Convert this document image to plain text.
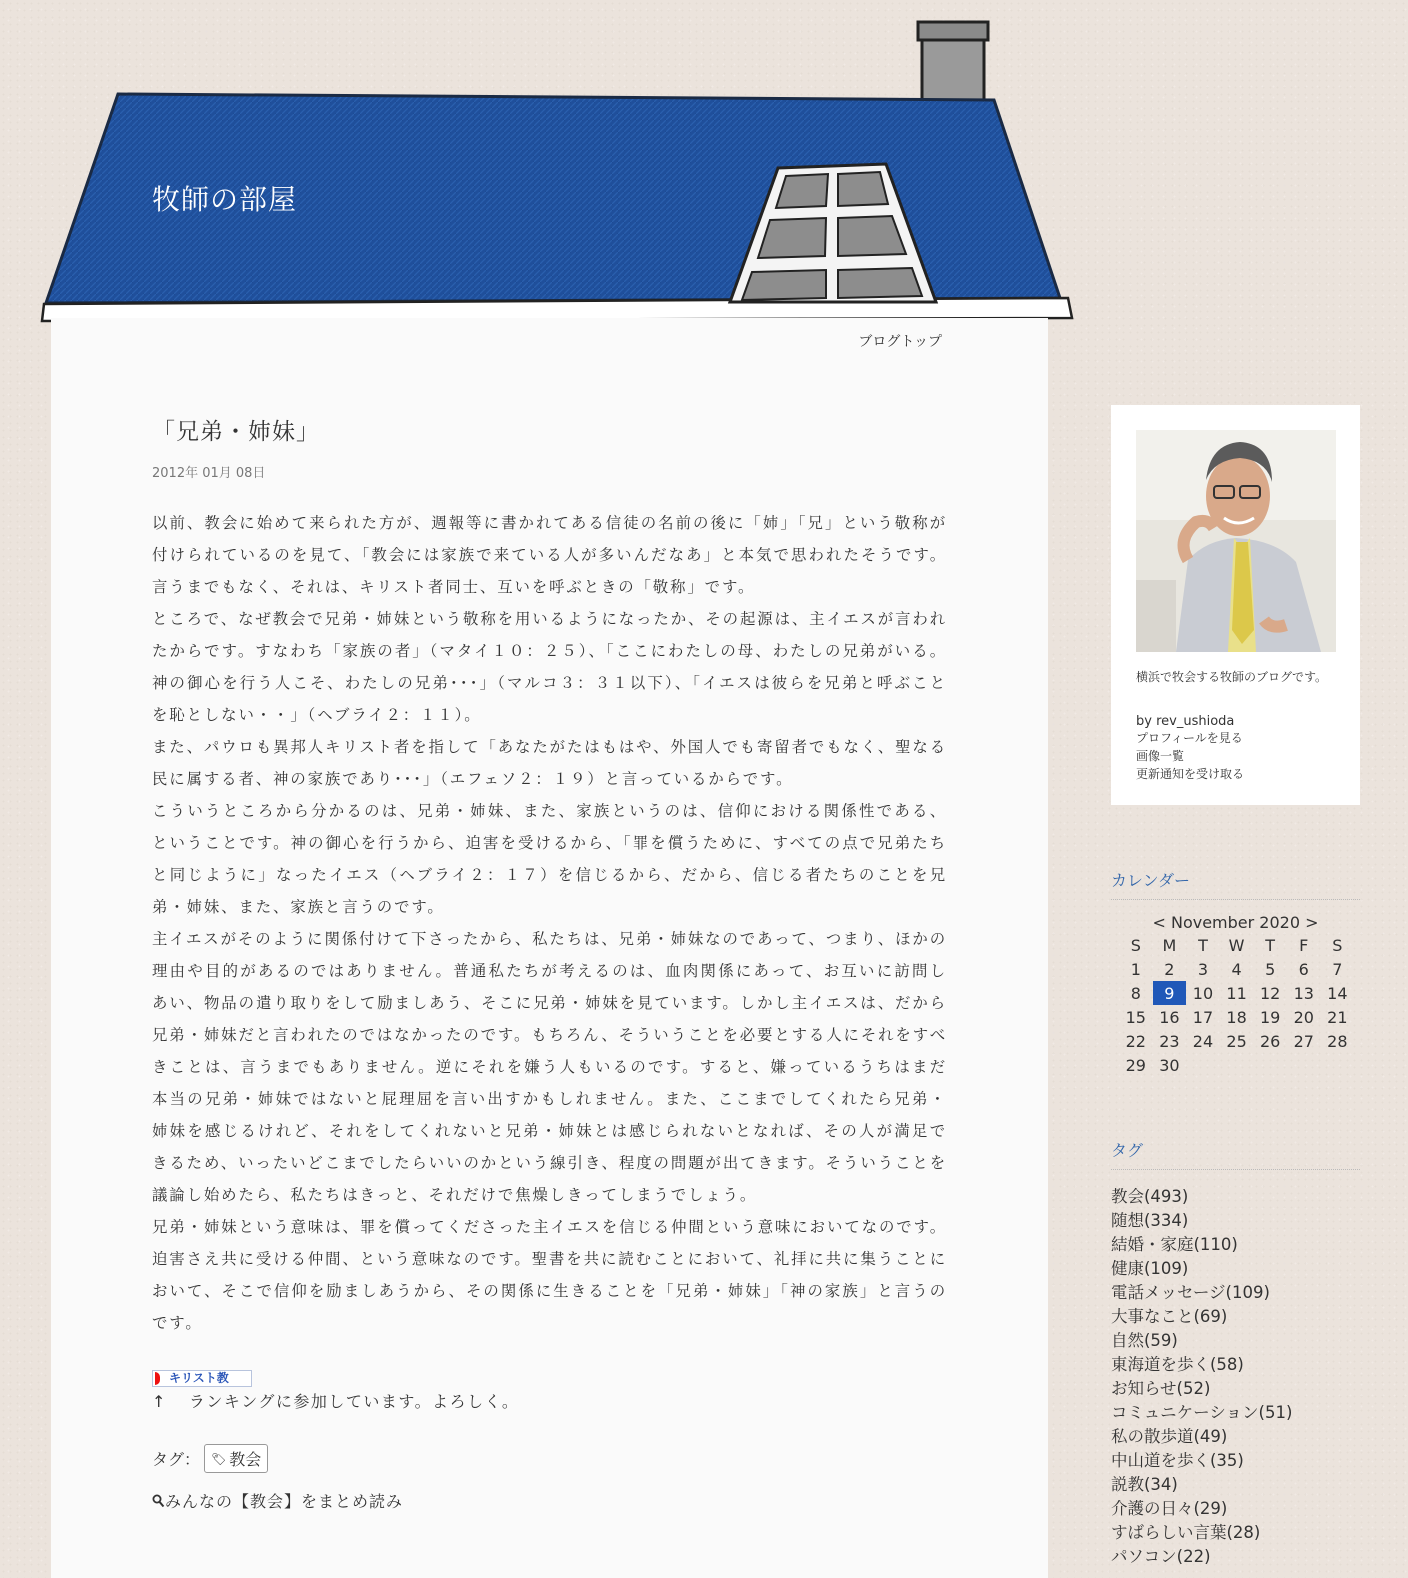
牧師の部屋
ブログトップ
「兄弟・姉妹」
2012年 01月 08日

以前、教会に始めて来られた方が、週報等に書かれてある信徒の名前の後に「姉」「兄」という敬称が付けられているのを見て、「教会には家族で来ている人が多いんだなあ」と本気で思われたそうです。言うまでもなく、それは、キリスト者同士、互いを呼ぶときの「敬称」です。

ところで、なぜ教会で兄弟・姉妹という敬称を用いるようになったか、その起源は、主イエスが言われたからです。すなわち「家族の者」（マタイ１０：２５）、「ここにわたしの母、わたしの兄弟がいる。神の御心を行う人こそ、わたしの兄弟･･･」（マルコ３：３１以下）、「イエスは彼らを兄弟と呼ぶことを恥としない・・」（ヘブライ２：１１）。

また、パウロも異邦人キリスト者を指して「あなたがたはもはや、外国人でも寄留者でもなく、聖なる民に属する者、神の家族であり･･･」（エフェソ２：１９）と言っているからです。

こういうところから分かるのは、兄弟・姉妹、また、家族というのは、信仰における関係性である、ということです。神の御心を行うから、迫害を受けるから、「罪を償うために、すべての点で兄弟たちと同じように」なったイエス（ヘブライ２：１７）を信じるから、だから、信じる者たちのことを兄弟・姉妹、また、家族と言うのです。

主イエスがそのように関係付けて下さったから、私たちは、兄弟・姉妹なのであって、つまり、ほかの理由や目的があるのではありません。普通私たちが考えるのは、血肉関係にあって、お互いに訪問しあい、物品の遣り取りをして励ましあう、そこに兄弟・姉妹を見ています。しかし主イエスは、だから兄弟・姉妹だと言われたのではなかったのです。もちろん、そういうことを必要とする人にそれをすべきことは、言うまでもありません。逆にそれを嫌う人もいるのです。すると、嫌っているうちはまだ本当の兄弟・姉妹ではないと屁理屈を言い出すかもしれません。また、ここまでしてくれたら兄弟・姉妹を感じるけれど、それをしてくれないと兄弟・姉妹とは感じられないとなれば、その人が満足できるため、いったいどこまでしたらいいのかという線引き、程度の問題が出てきます。そういうことを議論し始めたら、私たちはきっと、それだけで焦燥しきってしまうでしょう。

兄弟・姉妹という意味は、罪を償ってくださった主イエスを信じる仲間という意味においてなのです。迫害さえ共に受ける仲間、という意味なのです。聖書を共に読むことにおいて、礼拝に共に集うことにおいて、そこで信仰を励ましあうから、その関係に生きることを「兄弟・姉妹」「神の家族」と言うのです。

キリスト教
↑ ランキングに参加しています。よろしく。
タグ： 🏷 教会
みんなの【教会】をまとめ読み
横浜で牧会する牧師のブログです。
by rev_ushioda
プロフィールを見る
画像一覧
更新通知を受け取る
カレンダー
< November 2020 >
S	M	T	W	T	F	S
1	2	3	4	5	6	7
8	9	10	11	12	13	14
15	16	17	18	19	20	21
22	23	24	25	26	27	28
29	30					
タグ
教会(493)
随想(334)
結婚・家庭(110)
健康(109)
電話メッセージ(109)
大事なこと(69)
自然(59)
東海道を歩く(58)
お知らせ(52)
コミュニケーション(51)
私の散歩道(49)
中山道を歩く(35)
説教(34)
介護の日々(29)
すばらしい言葉(28)
パソコン(22)
